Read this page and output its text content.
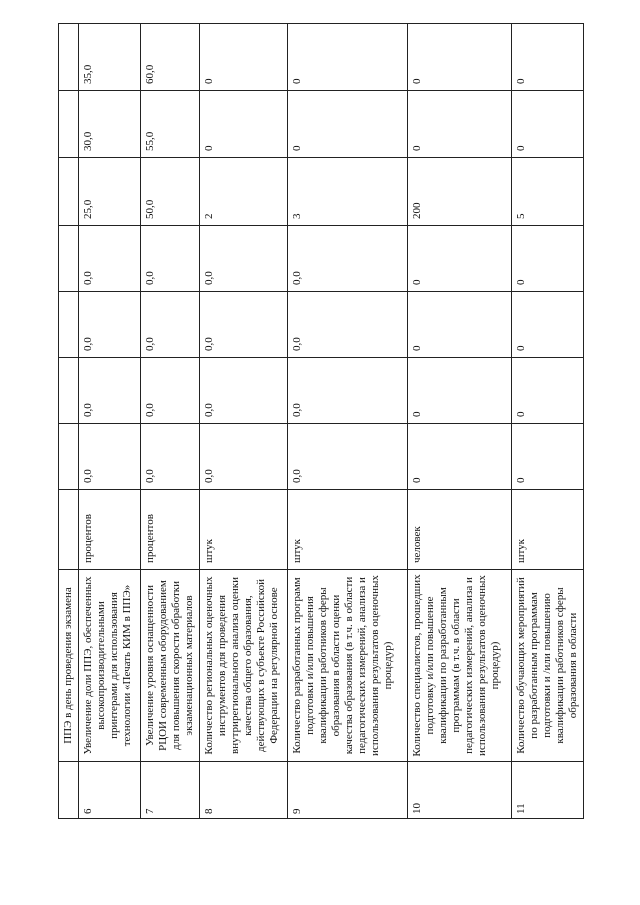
	ППЭ в день проведения экзамена								
6	Увеличение доли ППЭ, обеспеченных высокопроизводительными принтерами для использования технологии «Печать КИМ в ППЭ»	процентов	0,0	0,0	0,0	0,0	25,0	30,0	35,0
7	Увеличение уровня оснащенности РЦОИ современным оборудованием для повышения скорости обработки экзаменационных материалов	процентов	0,0	0,0	0,0	0,0	50,0	55,0	60,0
8	Количество региональных оценочных инструментов для проведения внутрирегионального анализа оценки качества общего образования, действующих в субъекте Российской Федерации на регулярной основе	штук	0,0	0,0	0,0	0,0	2	0	0
9	Количество разработанных программ подготовки и/или повышения квалификации работников сферы образования в области оценки качества образования (в т.ч. в области педагогических измерений, анализа и использования результатов оценочных процедур)	штук	0,0	0,0	0,0	0,0	3	0	0
10	Количество специалистов, прошедших подготовку и/или повышение квалификации по разработанным программам (в т.ч. в области педагогических измерений, анализа и использования результатов оценочных процедур)	человек	0	0	0	0	200	0	0
11	Количество обучающих мероприятий по разработанным программам подготовки и /или повышению квалификации работников сферы образования в области	штук	0	0	0	0	5	0	0
